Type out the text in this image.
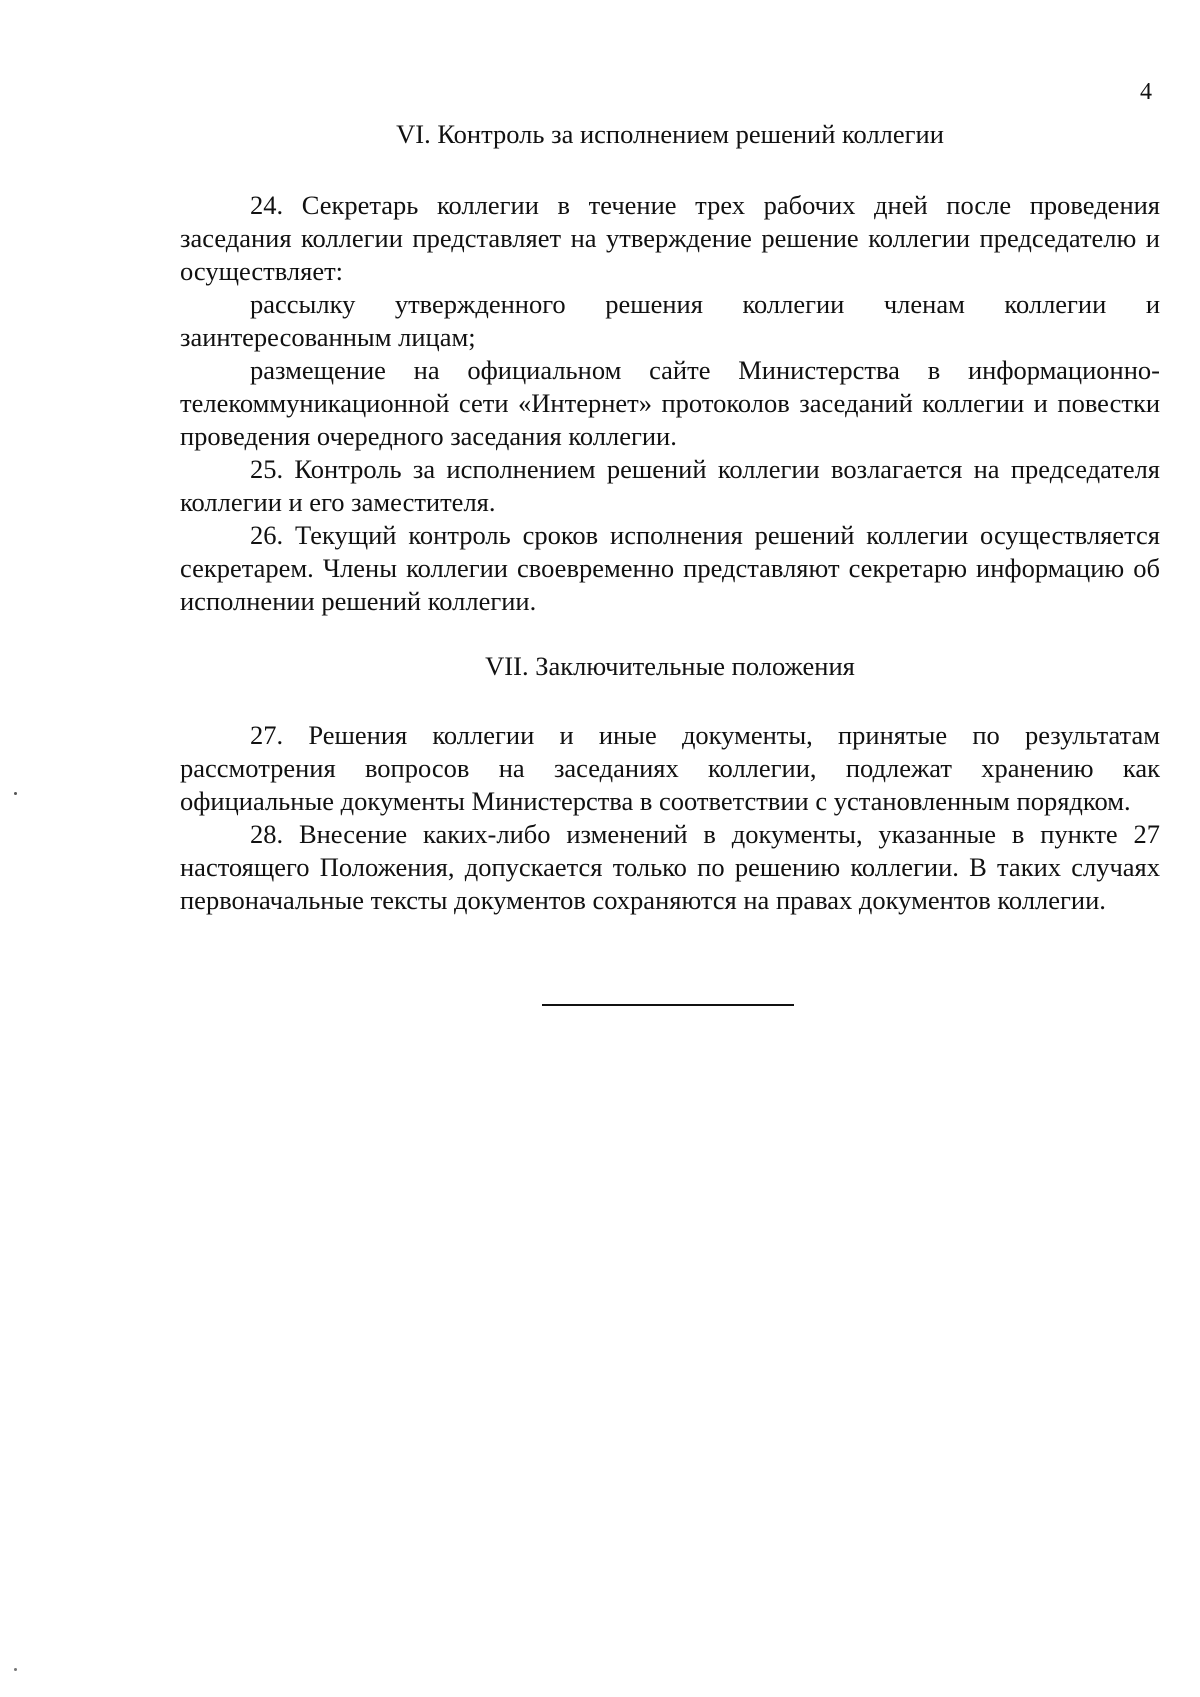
4

VI. Контроль за исполнением решений коллегии

24. Секретарь коллегии в течение трех рабочих дней после проведения заседания коллегии представляет на утверждение решение коллегии председателю и осуществляет:

рассылку утвержденного решения коллегии членам коллегии и заинтересованным лицам;

размещение на официальном сайте Министерства в информационно-телекоммуникационной сети «Интернет» протоколов заседаний коллегии и повестки проведения очередного заседания коллегии.

25. Контроль за исполнением решений коллегии возлагается на председателя коллегии и его заместителя.

26. Текущий контроль сроков исполнения решений коллегии осуществляется секретарем. Члены коллегии своевременно представляют секретарю информацию об исполнении решений коллегии.

VII. Заключительные положения

27. Решения коллегии и иные документы, принятые по результатам рассмотрения вопросов на заседаниях коллегии, подлежат хранению как официальные документы Министерства в соответствии с установленным порядком.

28. Внесение каких-либо изменений в документы, указанные в пункте 27 настоящего Положения, допускается только по решению коллегии. В таких случаях первоначальные тексты документов сохраняются на правах документов коллегии.
